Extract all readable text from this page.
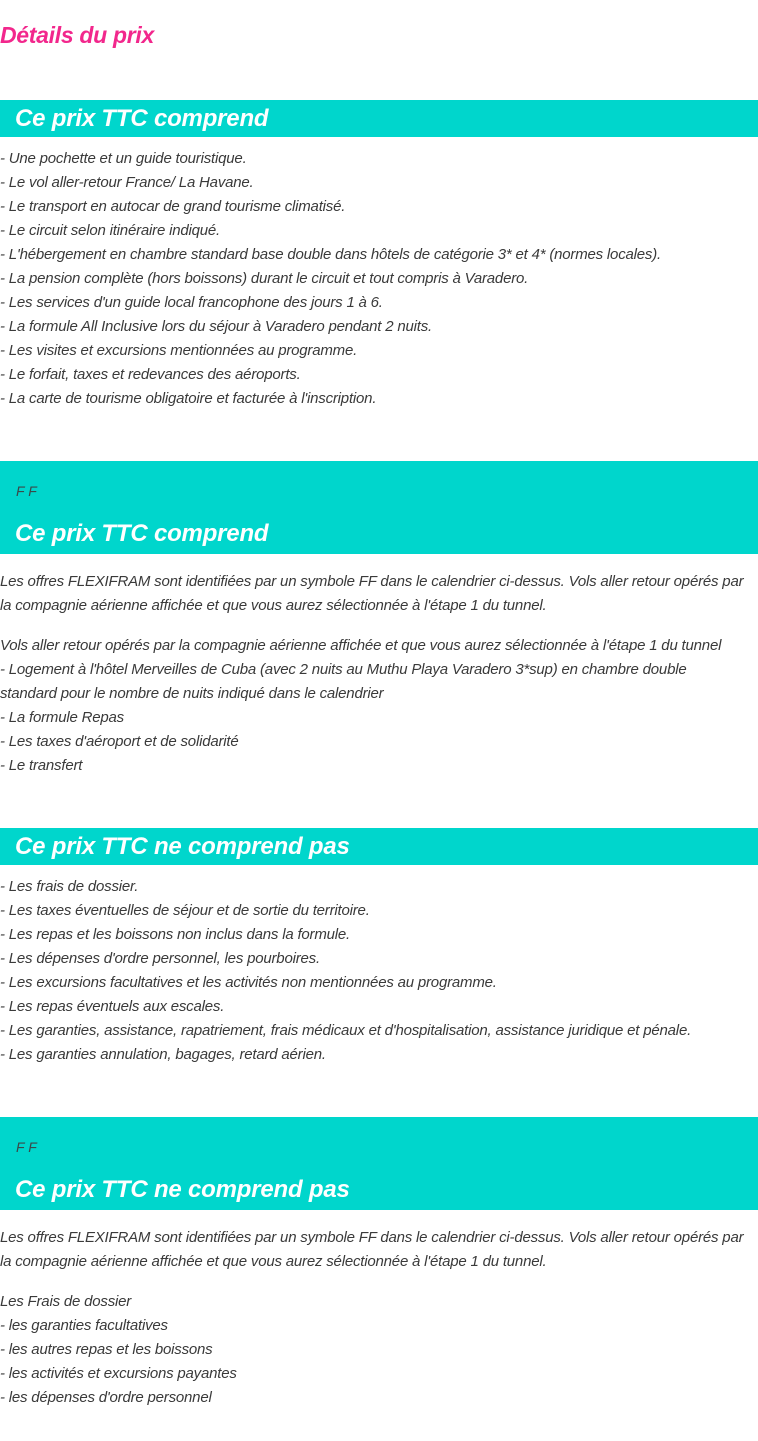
Détails du prix
Ce prix TTC comprend
- Une pochette et un guide touristique.
- Le vol aller-retour France/ La Havane.
- Le transport en autocar de grand tourisme climatisé.
- Le circuit selon itinéraire indiqué.
- L'hébergement en chambre standard base double dans hôtels de catégorie 3* et 4* (normes locales).
- La pension complète (hors boissons) durant le circuit et tout compris à Varadero.
- Les services d'un guide local francophone des jours 1 à 6.
- La formule All Inclusive lors du séjour à Varadero pendant 2 nuits.
- Les visites et excursions mentionnées au programme.
- Le forfait, taxes et redevances des aéroports.
- La carte de tourisme obligatoire et facturée à l'inscription.
F F
Ce prix TTC comprend
Les offres FLEXIFRAM sont identifiées par un symbole FF dans le calendrier ci-dessus. Vols aller retour opérés par la compagnie aérienne affichée et que vous aurez sélectionnée à l'étape 1 du tunnel.
Vols aller retour opérés par la compagnie aérienne affichée et que vous aurez sélectionnée à l'étape 1 du tunnel
- Logement à l'hôtel Merveilles de Cuba (avec 2 nuits au Muthu Playa Varadero 3*sup) en chambre double standard pour le nombre de nuits indiqué dans le calendrier
- La formule Repas
- Les taxes d'aéroport et de solidarité
- Le transfert
Ce prix TTC ne comprend pas
- Les frais de dossier.
- Les taxes éventuelles de séjour et de sortie du territoire.
- Les repas et les boissons non inclus dans la formule.
- Les dépenses d'ordre personnel, les pourboires.
- Les excursions facultatives et les activités non mentionnées au programme.
- Les repas éventuels aux escales.
- Les garanties, assistance, rapatriement, frais médicaux et d'hospitalisation, assistance juridique et pénale.
- Les garanties annulation, bagages, retard aérien.
F F
Ce prix TTC ne comprend pas
Les offres FLEXIFRAM sont identifiées par un symbole FF dans le calendrier ci-dessus. Vols aller retour opérés par la compagnie aérienne affichée et que vous aurez sélectionnée à l'étape 1 du tunnel.
Les Frais de dossier
- les garanties facultatives
- les autres repas et les boissons
- les activités et excursions payantes
- les dépenses d'ordre personnel
